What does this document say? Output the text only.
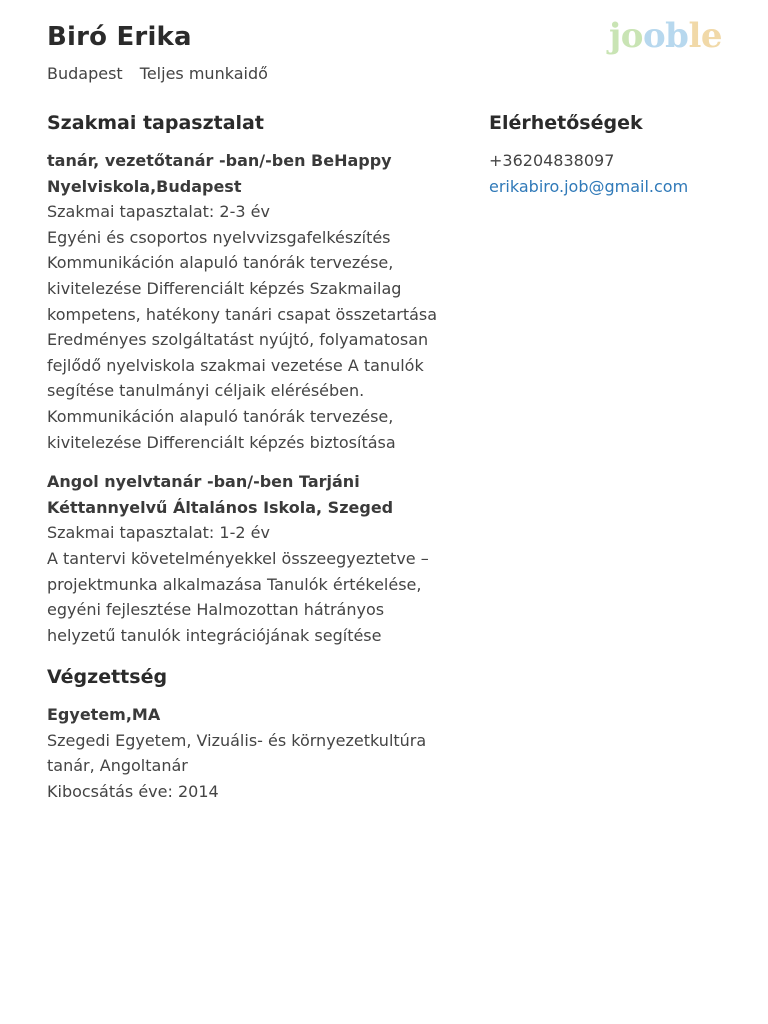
Biró Erika
Budapest Teljes munkaidő
jooble
Szakmai tapasztalat
tanár, vezetőtanár -ban/-ben BeHappy Nyelviskola,Budapest
Szakmai tapasztalat: 2-3 év
Egyéni és csoportos nyelvvizsgafelkészítés Kommunikáción alapuló tanórák tervezése, kivitelezése Differenciált képzés Szakmailag kompetens, hatékony tanári csapat összetartása Eredményes szolgáltatást nyújtó, folyamatosan fejlődő nyelviskola szakmai vezetése A tanulók segítése tanulmányi céljaik elérésében. Kommunikáción alapuló tanórák tervezése, kivitelezése Differenciált képzés biztosítása
Angol nyelvtanár -ban/-ben Tarjáni Kéttannyelvű Általános Iskola, Szeged
Szakmai tapasztalat: 1-2 év
A tantervi követelményekkel összeegyeztetve – projektmunka alkalmazása Tanulók értékelése, egyéni fejlesztése Halmozottan hátrányos helyzetű tanulók integrációjának segítése
Végzettség
Egyetem,MA
Szegedi Egyetem, Vizuális- és környezetkultúra tanár, Angoltanár
Kibocsátás éve: 2014
Elérhetőségek
+36204838097
erikabiro.job@gmail.com
